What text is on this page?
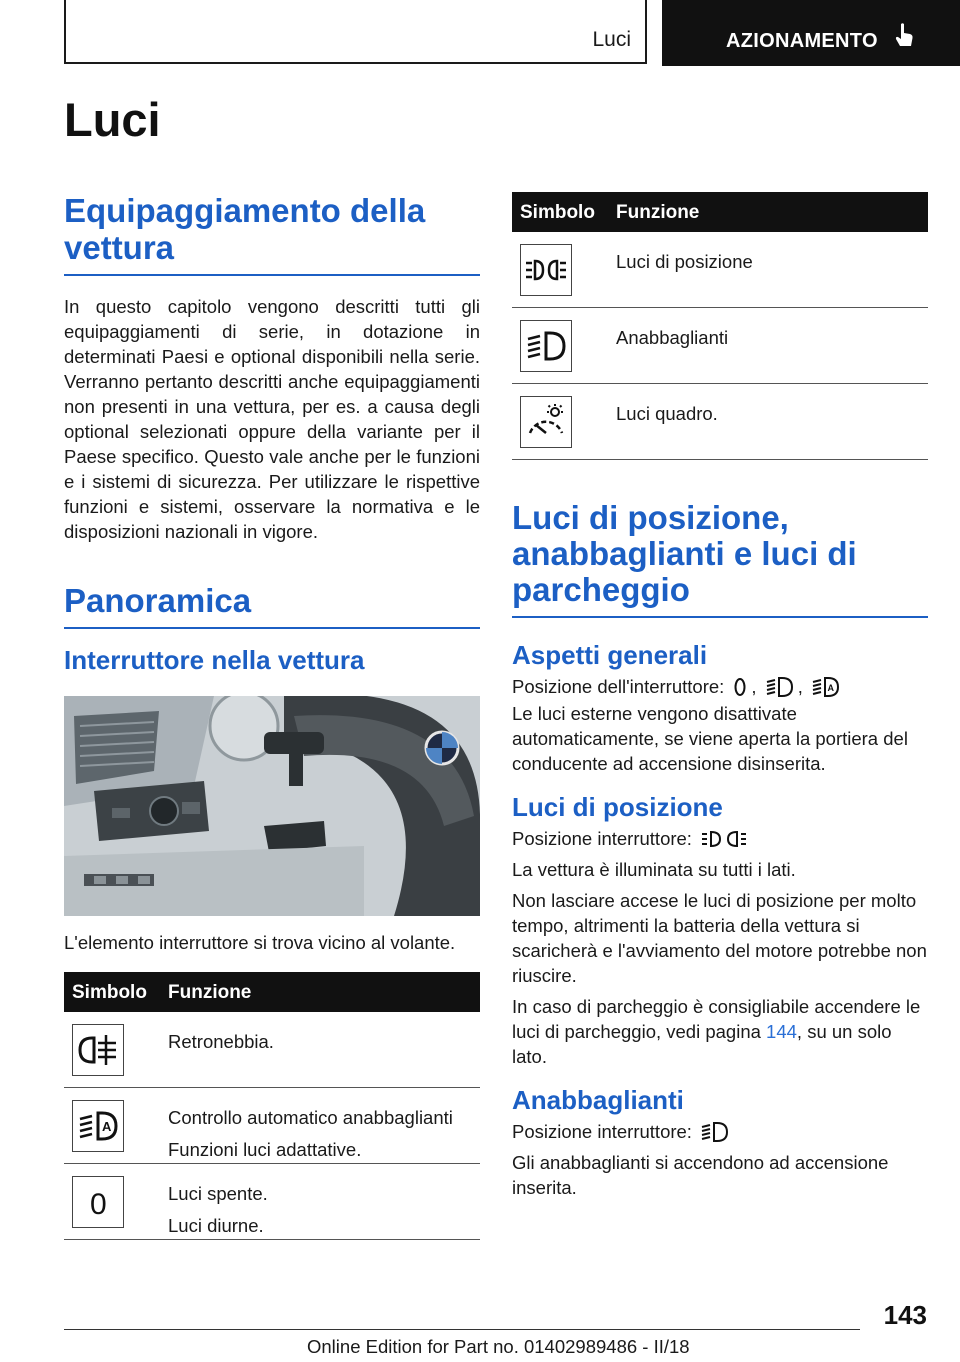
Luci	AZIONAMENTO
Luci
Equipaggiamento della vettura

In questo capitolo vengono descritti tutti gli equipaggiamenti di serie, in dotazione in determinati Paesi e optional disponibili nella serie. Verranno pertanto descritti anche equipaggiamenti non presenti in una vettura, per es. a causa degli optional selezionati oppure della variante per il Paese specifico. Questo vale anche per le funzioni e i sistemi di sicurezza. Per utilizzare le rispettive funzioni e sistemi, osservare la normativa e le disposizioni nazionali in vigore.

Panoramica
Interruttore nella vettura

L'elemento interruttore si trova vicino al volante.

Simbolo Funzione
Retronebbia.
A	Controllo automatico anabbaglianti
Funzioni luci adattative.
0	Luci spente.
Luci diurne.
Simbolo Funzione
Luci di posizione
Anabbaglianti
Luci quadro.
Luci di posizione, anabbaglianti e luci di parcheggio
Aspetti generali

Posizione dell'interruttore: , ,	A

Le luci esterne vengono disattivate automaticamente, se viene aperta la portiera del conducente ad accensione disinserita.

Luci di posizione

Posizione interruttore:

La vettura è illuminata su tutti i lati.

Non lasciare accese le luci di posizione per molto tempo, altrimenti la batteria della vettura si scaricherà e l'avviamento del motore potrebbe non riuscire.

In caso di parcheggio è consigliabile accendere le luci di parcheggio, vedi pagina 144, su un solo lato.

Anabbaglianti

Posizione interruttore:

Gli anabbaglianti si accendono ad accensione inserita.

143
Online Edition for Part no. 01402989486 - II/18
